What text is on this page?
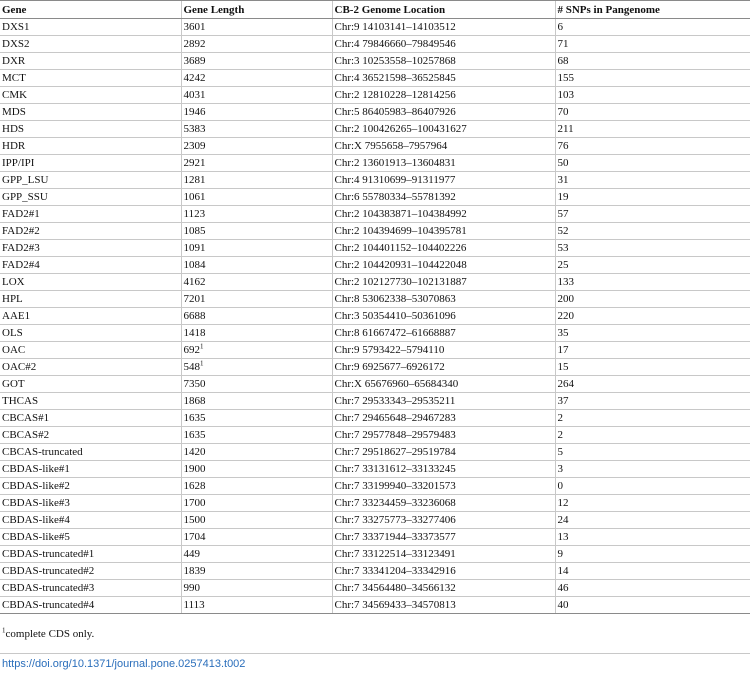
Gene	Gene Length	CB-2 Genome Location	# SNPs in Pangenome
DXS1	3601	Chr:9 14103141–14103512	6
DXS2	2892	Chr:4 79846660–79849546	71
DXR	3689	Chr:3 10253558–10257868	68
MCT	4242	Chr:4 36521598–36525845	155
CMK	4031	Chr:2 12810228–12814256	103
MDS	1946	Chr:5 86405983–86407926	70
HDS	5383	Chr:2 100426265–100431627	211
HDR	2309	Chr:X 7955658–7957964	76
IPP/IPI	2921	Chr:2 13601913–13604831	50
GPP_LSU	1281	Chr:4 91310699–91311977	31
GPP_SSU	1061	Chr:6 55780334–55781392	19
FAD2#1	1123	Chr:2 104383871–104384992	57
FAD2#2	1085	Chr:2 104394699–104395781	52
FAD2#3	1091	Chr:2 104401152–104402226	53
FAD2#4	1084	Chr:2 104420931–104422048	25
LOX	4162	Chr:2 102127730–102131887	133
HPL	7201	Chr:8 53062338–53070863	200
AAE1	6688	Chr:3 50354410–50361096	220
OLS	1418	Chr:8 61667472–61668887	35
OAC	$692^1$	Chr:9 5793422–5794110	17
OAC#2	$548^1$	Chr:9 6925677–6926172	15
GOT	7350	Chr:X 65676960–65684340	264
THCAS	1868	Chr:7 29533343–29535211	37
CBCAS#1	1635	Chr:7 29465648–29467283	2
CBCAS#2	1635	Chr:7 29577848–29579483	2
CBCAS-truncated	1420	Chr:7 29518627–29519784	5
CBDAS-like#1	1900	Chr:7 33131612–33133245	3
CBDAS-like#2	1628	Chr:7 33199940–33201573	0
CBDAS-like#3	1700	Chr:7 33234459–33236068	12
CBDAS-like#4	1500	Chr:7 33275773–33277406	24
CBDAS-like#5	1704	Chr:7 33371944–33373577	13
CBDAS-truncated#1	449	Chr:7 33122514–33123491	9
CBDAS-truncated#2	1839	Chr:7 33341204–33342916	14
CBDAS-truncated#3	990	Chr:7 34564480–34566132	46
CBDAS-truncated#4	1113	Chr:7 34569433–34570813	40
$^1$complete CDS only.
https://doi.org/10.1371/journal.pone.0257413.t002
